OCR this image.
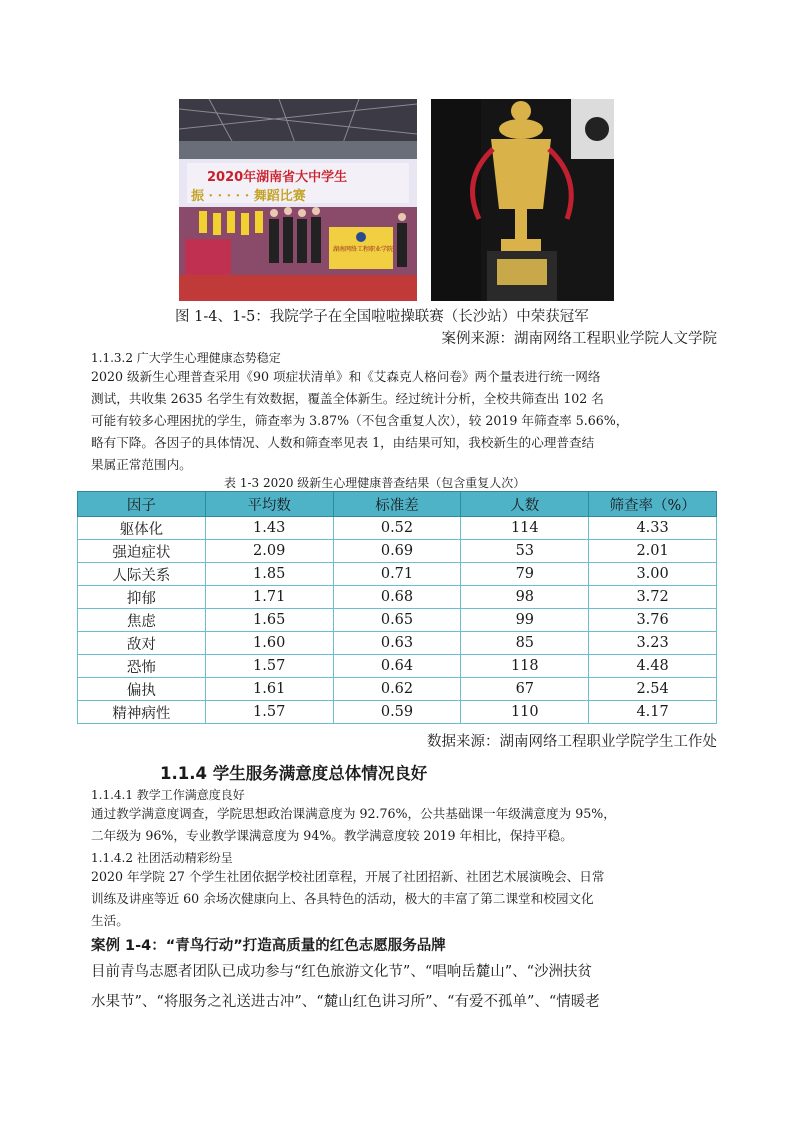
2020年湖南省大中学生
振 · · · · · 舞蹈比赛
湖南网络工程职业学院
图 1-4、1-5：我院学子在全国啦啦操联赛（长沙站）中荣获冠军
案例来源：湖南网络工程职业学院人文学院
1.1.3.2 广大学生心理健康态势稳定
2020 级新生心理普查采用《90 项症状清单》和《艾森克人格问卷》两个量表进行统一网络
测试，共收集 2635 名学生有效数据，覆盖全体新生。经过统计分析，全校共筛查出 102 名
可能有较多心理困扰的学生，筛查率为 3.87%（不包含重复人次），较 2019 年筛查率 5.66%，
略有下降。各因子的具体情况、人数和筛查率见表 1，由结果可知，我校新生的心理普查结
果属正常范围内。
表 1-3 2020 级新生心理健康普查结果（包含重复人次）
因子	平均数	标准差	人数	筛查率（%）
躯体化	1.43	0.52	114	4.33
强迫症状	2.09	0.69	53	2.01
人际关系	1.85	0.71	79	3.00
抑郁	1.71	0.68	98	3.72
焦虑	1.65	0.65	99	3.76
敌对	1.60	0.63	85	3.23
恐怖	1.57	0.64	118	4.48
偏执	1.61	0.62	67	2.54
精神病性	1.57	0.59	110	4.17
数据来源：湖南网络工程职业学院学生工作处
1.1.4 学生服务满意度总体情况良好
1.1.4.1 教学工作满意度良好
通过教学满意度调查，学院思想政治课满意度为 92.76%，公共基础课一年级满意度为 95%，
二年级为 96%，专业教学课满意度为 94%。教学满意度较 2019 年相比，保持平稳。
1.1.4.2 社团活动精彩纷呈
2020 年学院 27 个学生社团依据学校社团章程，开展了社团招新、社团艺术展演晚会、日常
训练及讲座等近 60 余场次健康向上、各具特色的活动，极大的丰富了第二课堂和校园文化
生活。
案例 1-4：“青鸟行动”打造高质量的红色志愿服务品牌
目前青鸟志愿者团队已成功参与“红色旅游文化节”、“唱响岳麓山”、“沙洲扶贫
水果节”、“将服务之礼送进古冲”、“麓山红色讲习所”、“有爱不孤单”、“情暖老
